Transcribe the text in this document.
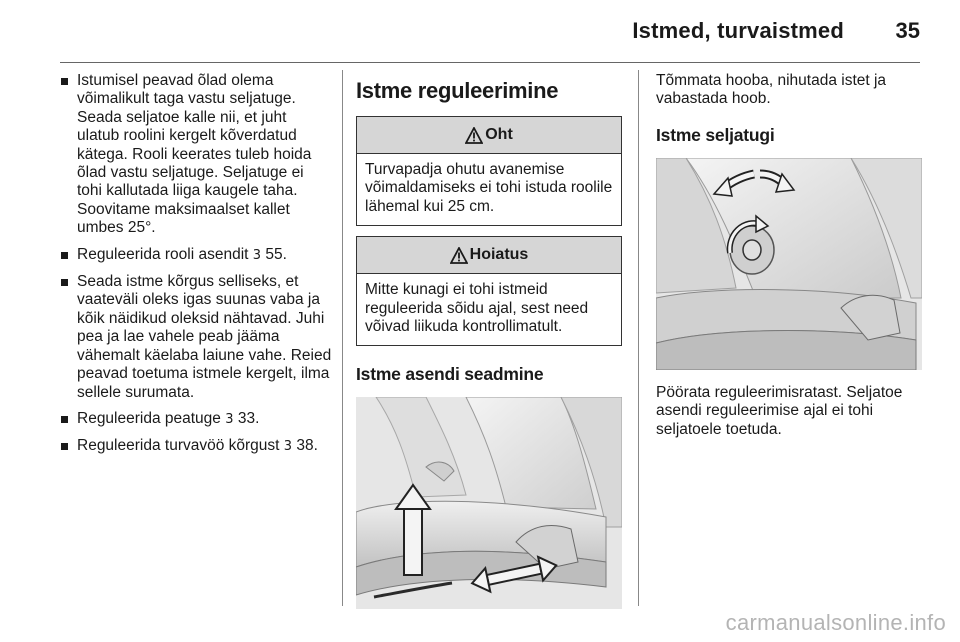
Istmed, turvaistmed 35
Istumisel peavad õlad olema võimalikult taga vastu seljatuge. Seada seljatoe kalle nii, et juht ulatub roolini kergelt kõverdatud kätega. Rooli keerates tuleb hoida õlad vastu seljatuge. Seljatuge ei tohi kallutada liiga kaugele taha. Soovitame maksimaalset kallet umbes 25°.
Reguleerida rooli asendit 3 55.
Seada istme kõrgus selliseks, et vaateväli oleks igas suunas vaba ja kõik näidikud oleksid nähtavad. Juhi pea ja lae vahele peab jääma vähemalt käelaba laiune vahe. Reied peavad toetuma istmele kergelt, ilma sellele surumata.
Reguleerida peatuge 3 33.
Reguleerida turvavöö kõrgust 3 38.
Istme reguleerimine
Oht
Turvapadja ohutu avanemise võimaldamiseks ei tohi istuda roolile lähemal kui 25 cm.
Hoiatus
Mitte kunagi ei tohi istmeid reguleerida sõidu ajal, sest need võivad liikuda kontrollimatult.
Istme asendi seadmine

Tõmmata hooba, nihutada istet ja vabastada hoob.

Istme seljatugi

Pöörata reguleerimisratast. Seljatoe asendi reguleerimise ajal ei tohi seljatoele toetuda.

carmanualsonline.info
